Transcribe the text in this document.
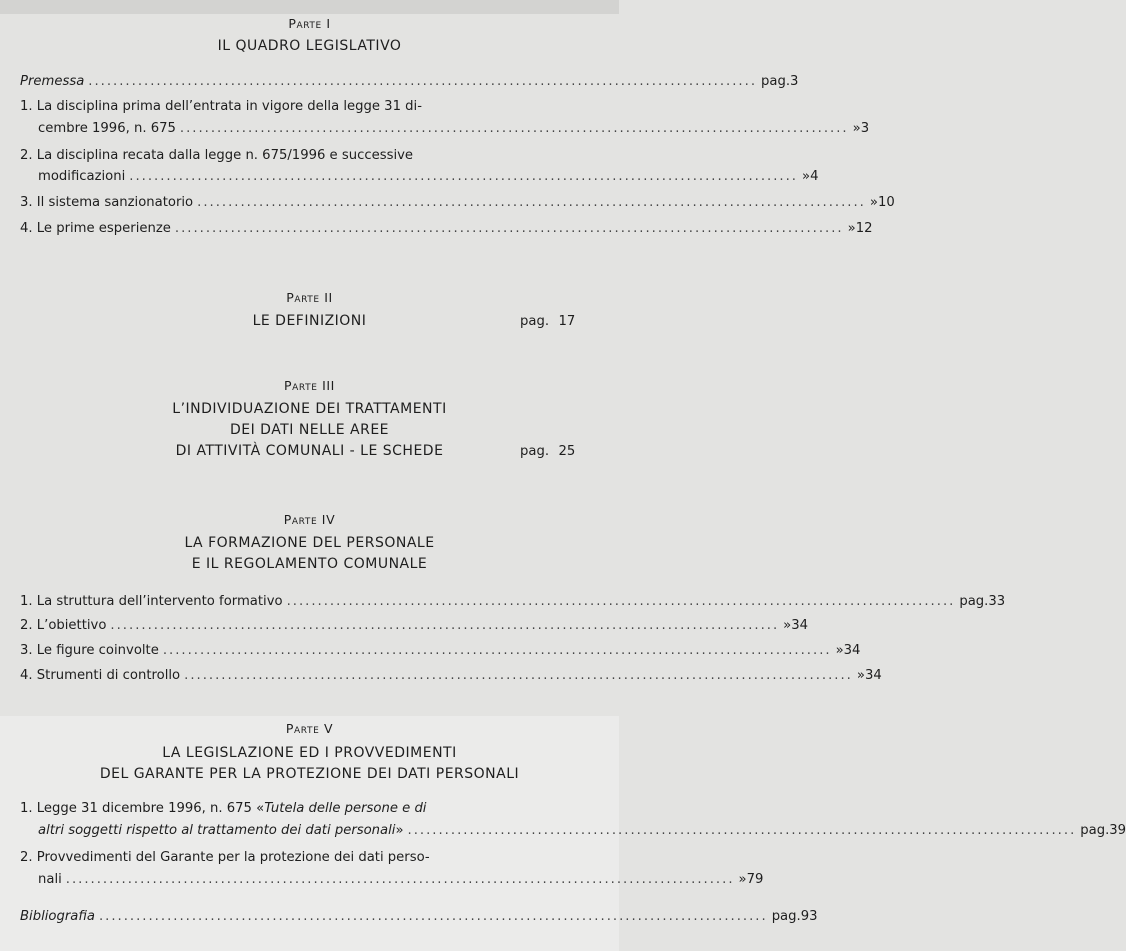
Parte I
IL QUADRO LEGISLATIVO
Premessa ............................................................................................................ pag. 3
1. La disciplina prima dell’entrata in vigore della legge 31 di-
cembre 1996, n. 675 ............................................................................................................ » 3
2. La disciplina recata dalla legge n. 675/1996 e successive
modificazioni ............................................................................................................ » 4
3. Il sistema sanzionatorio ............................................................................................................ » 10
4. Le prime esperienze ............................................................................................................ » 12
Parte II
LE DEFINIZIONI	pag. 17
Parte III
L’INDIVIDUAZIONE DEI TRATTAMENTI
DEI DATI NELLE AREE
DI ATTIVITÀ COMUNALI - LE SCHEDE	pag. 25
Parte IV
LA FORMAZIONE DEL PERSONALE
E IL REGOLAMENTO COMUNALE
1. La struttura dell’intervento formativo ............................................................................................................ pag. 33
2. L’obiettivo ............................................................................................................ » 34
3. Le figure coinvolte ............................................................................................................ » 34
4. Strumenti di controllo ............................................................................................................ » 34
Parte V
LA LEGISLAZIONE ED I PROVVEDIMENTI
DEL GARANTE PER LA PROTEZIONE DEI DATI PERSONALI
1. Legge 31 dicembre 1996, n. 675 «Tutela delle persone e di
altri soggetti rispetto al trattamento dei dati personali» ............................................................................................................ pag. 39
2. Provvedimenti del Garante per la protezione dei dati perso-
nali ............................................................................................................ » 79
Bibliografia ............................................................................................................ pag. 93
